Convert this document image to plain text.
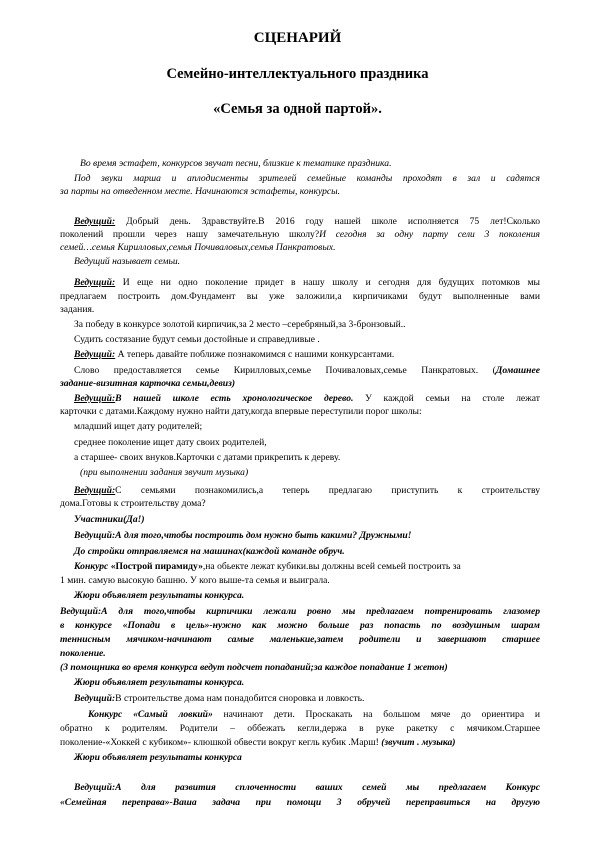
СЦЕНАРИЙ
Семейно-интеллектуального праздника
«Семья за одной партой».
Во время эстафет, конкурсов звучат песни, близкие к тематике праздника.
Под звуки марша и аплодисменты зрителей семейные команды проходят в зал и садятся
за парты на отведенном месте. Начинаются эстафеты, конкурсы.
Ведущий: Добрый день. Здравствуйте.В 2016 году нашей школе исполняется 75 лет!Сколько
поколений прошли через нашу замечательную школу?И сегодня за одну парту сели 3 поколения
семей…семья Кирилловых,семья Почиваловых,семья Панкратовых.
Ведущий называет семьи.
Ведущий: И еще ни одно поколение придет в нашу школу и сегодня для будущих потомков мы
предлагаем построить дом.Фундамент вы уже заложили,а кирпичиками будут выполненные вами
задания.
За победу в конкурсе золотой кирпичик,за 2 место –серебряный,за 3-бронзовый..
Судить состязание будут семьи достойные и справедливые .
Ведущий: А теперь давайте поближе познакомимся с нашими конкурсантами.
Слово предоставляется семье Кирилловых,семье Почиваловых,семье Панкратовых. (Домашнее
задание-визитная карточка семьи,девиз)
Ведущий:В нашей школе есть хронологическое дерево. У каждой семьи на столе лежат
карточки с датами.Каждому нужно найти дату,когда впервые переступили порог школы:
младший ищет дату родителей;
среднее поколение ищет дату своих родителей,
а старшее- своих внуков.Карточки с датами прикрепить к дереву.
(при выполнении задания звучит музыка)
Ведущий:С семьями познакомились,а теперь предлагаю приступить к строительству
дома.Готовы к строительству дома?
Участники(Да!)
Ведущий:А для того,чтобы построить дом нужно быть какими? Дружными!
До стройки отправляемся на машинах(каждой команде обруч.
Конкурс «Построй пирамиду»,на обьекте лежат кубики.вы должны всей семьей построить за
1 мин. самую высокую башню. У кого выше-та семья и выиграла.
Жюри объявляет результаты конкурса.
Ведущий:А для того,чтобы кирпичики лежали ровно мы предлагаем потренировать глазомер
в конкурсе «Попади в цель»-нужно как можно больше раз попасть по воздушным шарам
теннисным мячиком-начинают самые маленькие,затем родители и завершают старшее
поколение.
(3 помощника во время конкурса ведут подсчет попаданий;за каждое попадание 1 жетон)
Жюри объявляет результаты конкурса.
Ведущий:В строительстве дома нам понадобится сноровка и ловкость.
Конкурс «Самый ловкий» начинают дети. Проскакать на большом мяче до ориентира и
обратно к родителям. Родители – оббежать кегли,держа в руке ракетку с мячиком.Старшее
поколение-«Хоккей с кубиком»- клюшкой обвести вокруг кегль кубик .Марш! (звучит . музыка)
Жюри объявляет результаты конкурса
Ведущий:А для развития сплоченности ваших семей мы предлагаем Конкурс
«Семейная переправа»-Ваша задача при помощи 3 обручей переправиться на другую
